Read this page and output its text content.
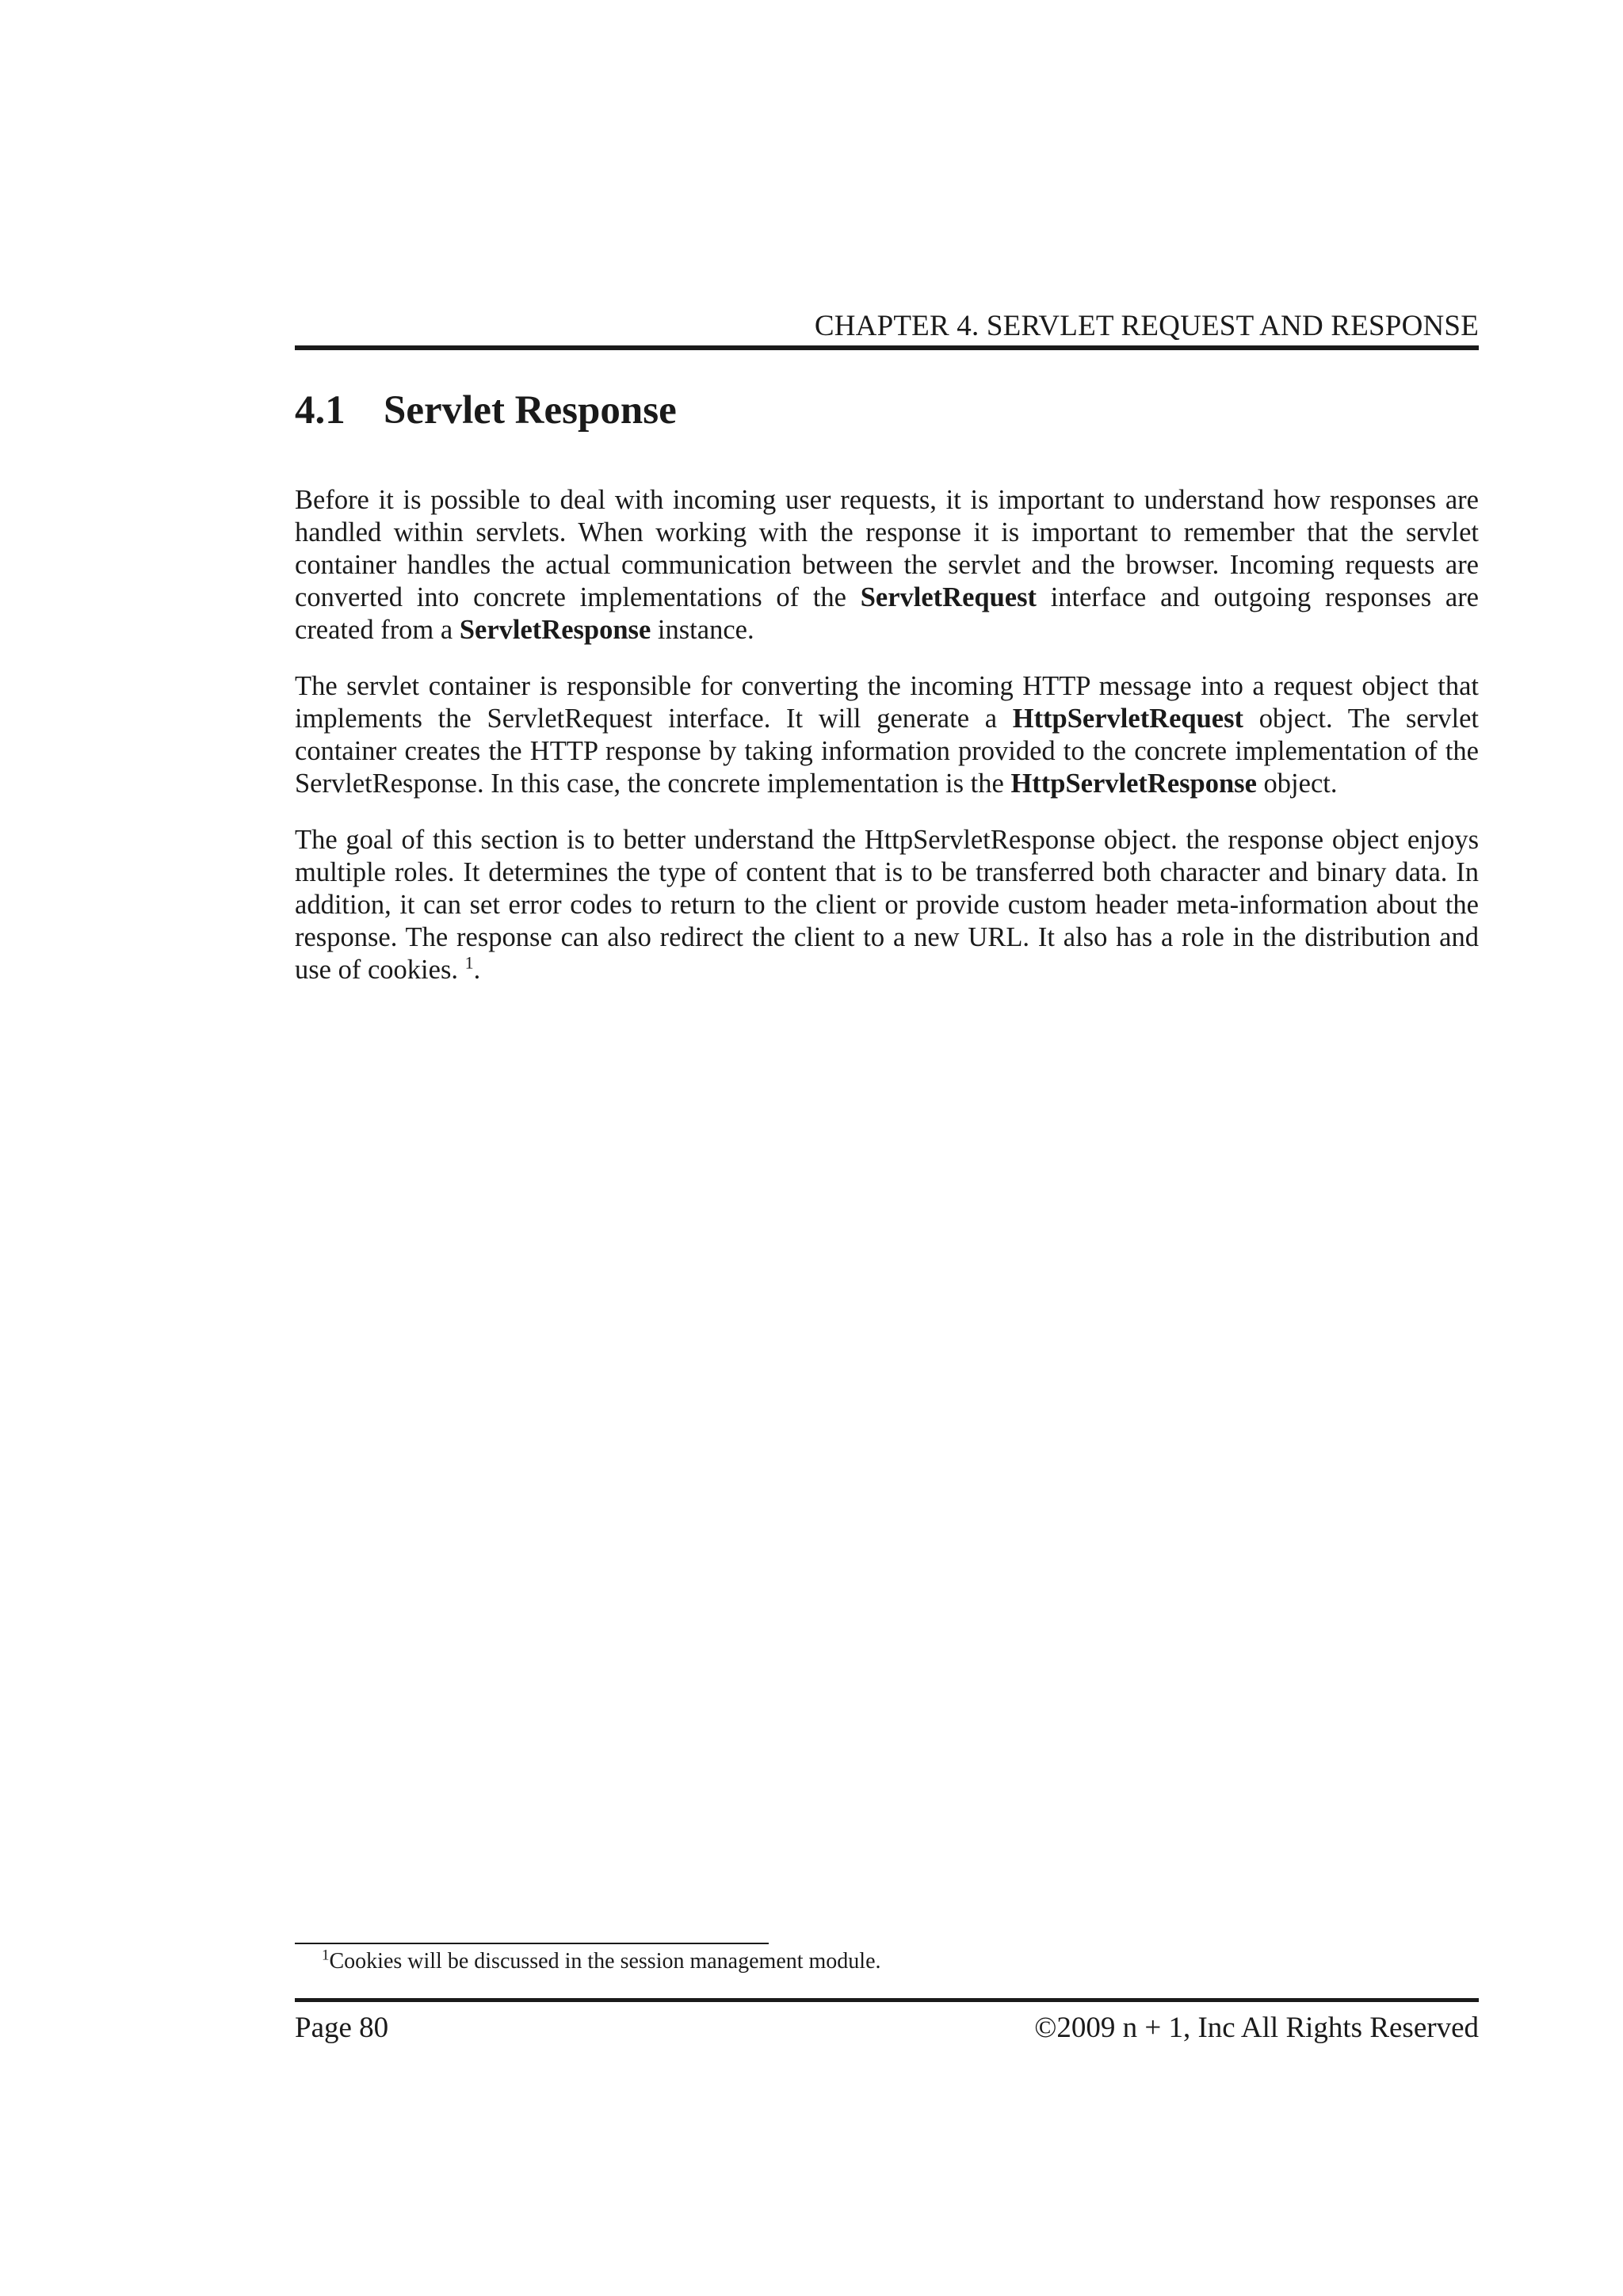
CHAPTER 4. SERVLET REQUEST AND RESPONSE
4.1 Servlet Response

Before it is possible to deal with incoming user requests, it is important to understand how responses are handled within servlets. When working with the response it is important to remember that the servlet container handles the actual communication between the servlet and the browser. Incoming requests are converted into concrete implementations of the ServletRequest interface and outgoing responses are created from a ServletResponse instance.

The servlet container is responsible for converting the incoming HTTP message into a request object that implements the ServletRequest interface. It will generate a HttpServletRequest object. The servlet container creates the HTTP response by taking information provided to the concrete implementation of the ServletResponse. In this case, the concrete implementation is the HttpServletResponse object.

The goal of this section is to better understand the HttpServletResponse object. the response object enjoys multiple roles. It determines the type of content that is to be transferred both character and binary data. In addition, it can set error codes to return to the client or provide custom header meta-information about the response. The response can also redirect the client to a new URL. It also has a role in the distribution and use of cookies. $^1$.

$^1$Cookies will be discussed in the session management module.
Page 80	©2009 n + 1, Inc All Rights Reserved
